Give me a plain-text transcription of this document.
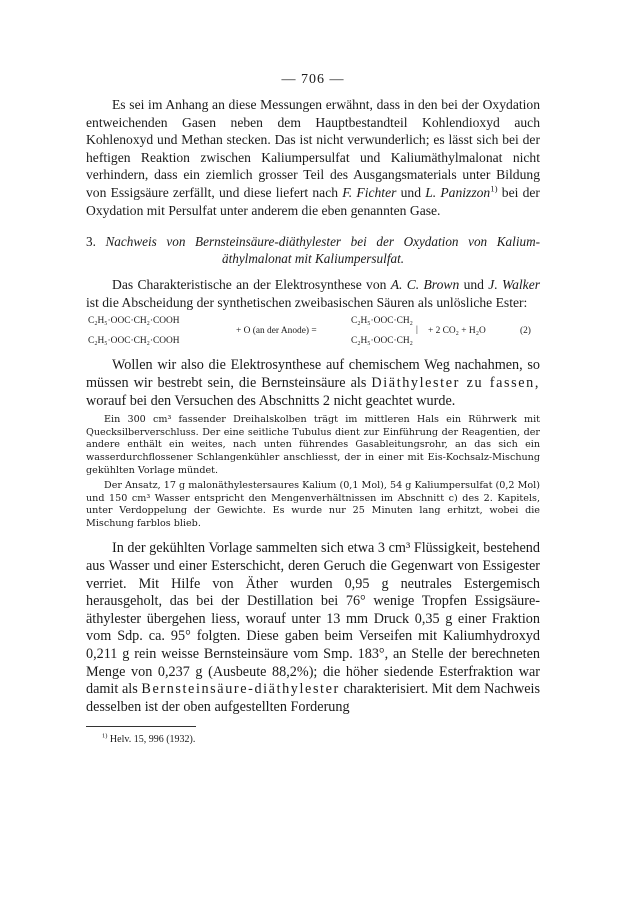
— 706 —

Es sei im Anhang an diese Messungen erwähnt, dass in den bei der Oxydation entweichenden Gasen neben dem Hauptbestandteil Kohlendioxyd auch Kohlenoxyd und Methan stecken. Das ist nicht verwunderlich; es lässt sich bei der heftigen Reaktion zwischen Kaliumpersulfat und Kaliumäthylmalonat nicht verhindern, dass ein ziemlich grosser Teil des Ausgangsmaterials unter Bildung von Essigsäure zerfällt, und diese liefert nach F. Fichter und L. Panizzon$^{1)}$ bei der Oxydation mit Persulfat unter anderem die eben genannten Gase.

3. Nachweis von Bernsteinsäure-diäthylester bei der Oxydation von Kalium-äthylmalonat mit Kaliumpersulfat.

Das Charakteristische an der Elektrosynthese von A. C. Brown und J. Walker ist die Abscheidung der synthetischen zweibasischen Säuren als unlösliche Ester:

C₂H₅·OOC·CH₂·COOH
C₂H₅·OOC·CH₂·COOH
+ O (an der Anode) =
C₂H₅·OOC·CH₂
|
C₂H₅·OOC·CH₂
+ 2 CO₂ + H₂O	(2)

Wollen wir also die Elektrosynthese auf chemischem Weg nachahmen, so müssen wir bestrebt sein, die Bernsteinsäure als Diäthylester zu fassen, worauf bei den Versuchen des Abschnitts 2 nicht geachtet wurde.

Ein 300 cm³ fassender Dreihalskolben trägt im mittleren Hals ein Rührwerk mit Quecksilberverschluss. Der eine seitliche Tubulus dient zur Einführung der Reagentien, der andere enthält ein weites, nach unten führendes Gasableitungsrohr, an das sich ein wasserdurchflossener Schlangenkühler anschliesst, der in einer mit Eis-Kochsalz-Mischung gekühlten Vorlage mündet.

Der Ansatz, 17 g malonäthylestersaures Kalium (0,1 Mol), 54 g Kaliumpersulfat (0,2 Mol) und 150 cm³ Wasser entspricht den Mengenverhältnissen im Abschnitt c) des 2. Kapitels, unter Verdoppelung der Gewichte. Es wurde nur 25 Minuten lang erhitzt, wobei die Mischung farblos blieb.

In der gekühlten Vorlage sammelten sich etwa 3 cm³ Flüssigkeit, bestehend aus Wasser und einer Esterschicht, deren Geruch die Gegenwart von Essigester verriet. Mit Hilfe von Äther wurden 0,95 g neutrales Estergemisch herausgeholt, das bei der Destillation bei 76° wenige Tropfen Essigsäure-äthylester übergehen liess, worauf unter 13 mm Druck 0,35 g einer Fraktion vom Sdp. ca. 95° folgten. Diese gaben beim Verseifen mit Kaliumhydroxyd 0,211 g rein weisse Bernsteinsäure vom Smp. 183°, an Stelle der berechneten Menge von 0,237 g (Ausbeute 88,2%); die höher siedende Esterfraktion war damit als Bernsteinsäure-diäthylester charakterisiert. Mit dem Nachweis desselben ist der oben aufgestellten Forderung

$^{1)}$ Helv. 15, 996 (1932).
